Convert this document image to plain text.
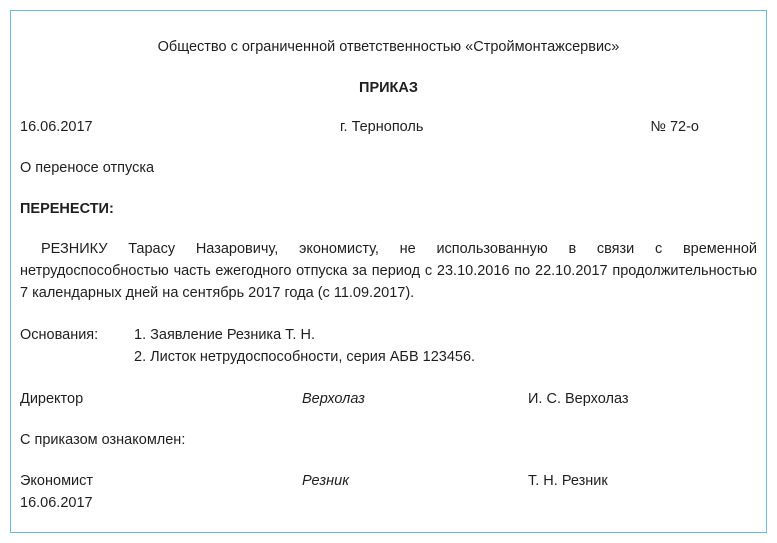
Общество с ограниченной ответственностью «Строймонтажсервис»

ПРИКАЗ

16.06.2017	г. Тернополь	№ 72-о
О переносе отпуска
ПЕРЕНЕСТИ:
РЕЗНИКУ Тарасу Назаровичу, экономисту, не использованную в связи с временной нетрудоспособностью часть ежегодного отпуска за период с 23.10.2016 по 22.10.2017 продолжительностью 7 календарных дней на сентябрь 2017 года (с 11.09.2017).
Основания:	1. Заявление Резника Т. Н.
2. Листок нетрудоспособности, серия АБВ 123456.
Директор	Верхолаз	И. С. Верхолаз
С приказом ознакомлен:
Экономист	Резник	Т. Н. Резник
16.06.2017
